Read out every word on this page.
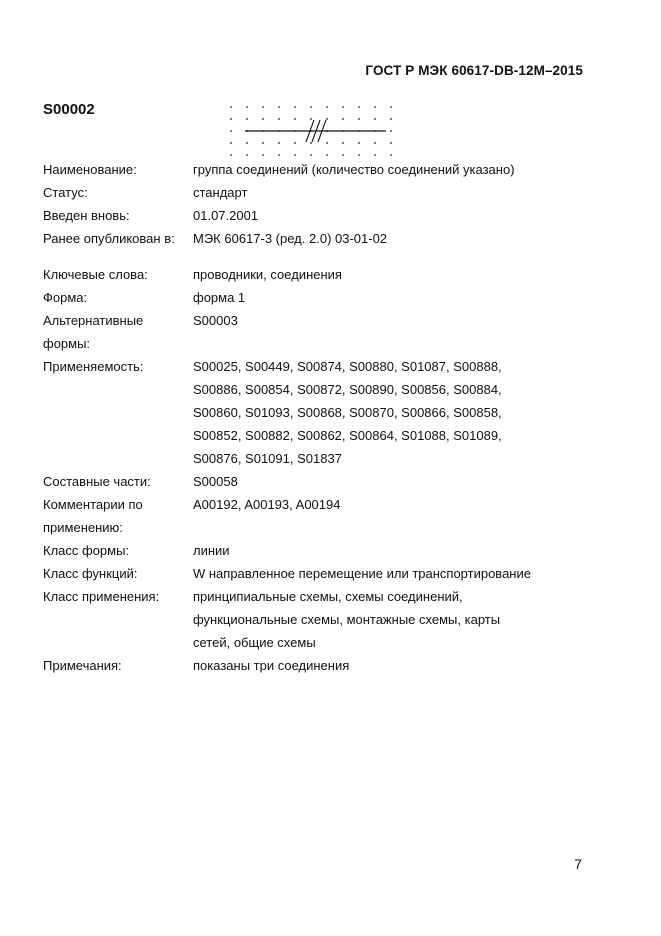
ГОСТ Р МЭК 60617-DB-12M–2015
S00002
Наименование:	группа соединений (количество соединений указано)
Статус:	стандарт
Введен вновь:	01.07.2001
Ранее опубликован в:	МЭК 60617-3 (ред. 2.0) 03-01-02
Ключевые слова:	проводники, соединения
Форма:	форма 1
Альтернативные	S00003
формы:
Применяемость:	S00025, S00449, S00874, S00880, S01087, S00888,
S00886, S00854, S00872, S00890, S00856, S00884,
S00860, S01093, S00868, S00870, S00866, S00858,
S00852, S00882, S00862, S00864, S01088, S01089,
S00876, S01091, S01837
Составные части:	S00058
Комментарии по	A00192, A00193, A00194
применению:
Класс формы:	линии
Класс функций:	W направленное перемещение или транспортирование
Класс применения:	принципиальные схемы, схемы соединений,
функциональные схемы, монтажные схемы, карты
сетей, общие схемы
Примечания:	показаны три соединения
7
